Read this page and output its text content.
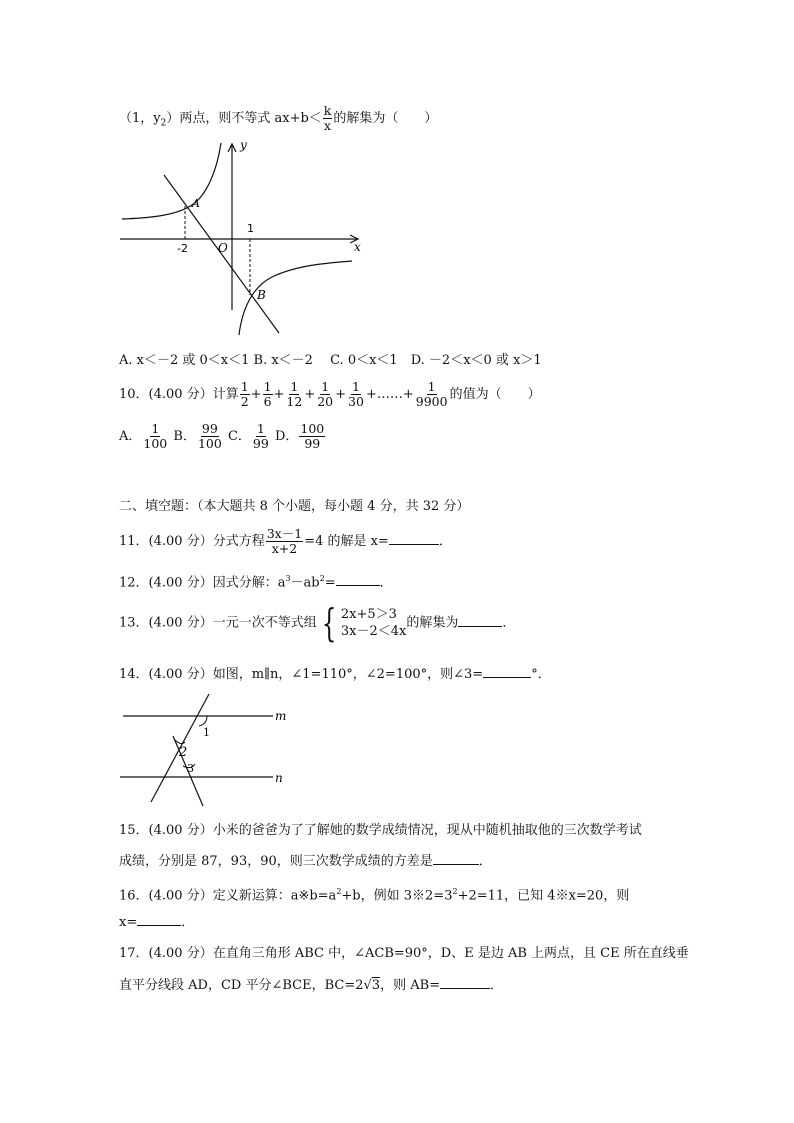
（1，$y_2$）两点，则不等式 $ax+b< \frac{k}{x}$ 的解集为（　　）
y
x
A
B
-2	O
1
A. x＜－2 或 0＜x＜1 B. x＜－2　 C. 0＜x＜1　D. －2＜x＜0 或 x＞1
10．(4.00 分）计算 $\frac{1}{2} + \frac{1}{6} + \frac{1}{12} + \frac{1}{20} + \frac{1}{30}$ +……+ $\frac{1}{9900}$ 的值为（　　）
A． $\frac{1}{100}$ B． $\frac{99}{100}$ C． $\frac{1}{99}$ D． $\frac{100}{99}$
二、填空题：（本大题共 8 个小题，每小题 4 分，共 32 分）
11．(4.00 分）分式方程 $\frac{3x-1}{x+2} =4$ 的解是 x=	．
12．(4.00 分）因式分解：$a^3-ab^2=$	．
13．(4.00 分）一元一次不等式组 { 2x+5＞3
3x－2＜4x
的解集为	．
14．(4.00 分）如图，m∥n，∠1=110°，∠2=100°，则∠3=	°．
m
n
1
2
3
15．(4.00 分）小米的爸爸为了了解她的数学成绩情况，现从中随机抽取他的三次数学考试
成绩，分别是 87，93，90，则三次数学成绩的方差是	．
16．(4.00 分）定义新运算：$a※b=a^2+b$，例如 $3※2=3^2+2=11$，已知 4※x=20，则
x=	．
17．(4.00 分）在直角三角形 ABC 中，∠ACB=90°，D、E 是边 AB 上两点，且 CE 所在直线垂
直平分线段 AD，CD 平分∠BCE，BC=2√3，则 AB=	．
